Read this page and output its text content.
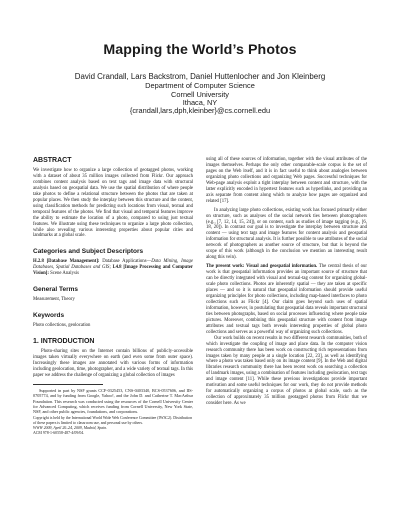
Mapping the World’s Photos
David Crandall, Lars Backstrom, Daniel Huttenlocher and Jon Kleinberg
Department of Computer Science
Cornell University
Ithaca, NY
{crandall,lars,dph,kleinber}@cs.cornell.edu
ABSTRACT

We investigate how to organize a large collection of geotagged photos, working with a dataset of about 35 million images collected from Flickr. Our approach combines content analysis based on text tags and image data with structural analysis based on geospatial data. We use the spatial distribution of where people take photos to define a relational structure between the photos that are taken at popular places. We then study the interplay between this structure and the content, using classification methods for predicting such locations from visual, textual and temporal features of the photos. We find that visual and temporal features improve the ability to estimate the location of a photo, compared to using just textual features. We illustrate using these techniques to organize a large photo collection, while also revealing various interesting properties about popular cities and landmarks at a global scale.

Categories and Subject Descriptors

H.2.8 [Database Management]: Database Applications—Data Mining, Image Databases, Spatial Databases and GIS; I.4.8 [Image Processing and Computer Vision]: Scene Analysis

General Terms

Measurement, Theory

Keywords

Photo collections, geolocation

1. INTRODUCTION

Photo-sharing sites on the Internet contain billions of publicly-accessible images taken virtually everywhere on earth (and even some from outer space). Increasingly these images are annotated with various forms of information including geolocation, time, photographer, and a wide variety of textual tags. In this paper we address the challenge of organizing a global collection of images

Supported in part by NSF grants CCF-0325453, CNS-0403340, BCS-0537606, and IIS-0705774, and by funding from Google, Yahoo!, and the John D. and Catherine T. MacArthur Foundation. This research was conducted using the resources of the Cornell University Center for Advanced Computing, which receives funding from Cornell University, New York State, NSF, and other public agencies, foundations, and corporations.

Copyright is held by the International World Wide Web Conference Committee (IW3C2). Distribution of these papers is limited to classroom use, and personal use by others.
WWW 2009, April 20–24, 2009, Madrid, Spain.
ACM 978-1-60558-487-4/09/04.

using all of these sources of information, together with the visual attributes of the images themselves. Perhaps the only other comparable-scale corpus is the set of pages on the Web itself, and it is in fact useful to think about analogies between organizing photo collections and organizing Web pages. Successful techniques for Web-page analysis exploit a tight interplay between content and structure, with the latter explicitly encoded in hypertext features such as hyperlinks, and providing an axis separate from content along which to analyze how pages are organized and related [17].

In analyzing large photo collections, existing work has focused primarily either on structure, such as analyses of the social network ties between photographers (e.g., [7, 12, 14, 15, 24]), or on content, such as studies of image tagging (e.g., [6, 18, 20]). In contrast our goal is to investigate the interplay between structure and content — using text tags and image features for content analysis and geospatial information for structural analysis. It is further possible to use attributes of the social network of photographers as another source of structure, but that is beyond the scope of this work (although in the conclusion we mention an interesting result along this vein).

The present work: Visual and geospatial information. The central thesis of our work is that geospatial information provides an important source of structure that can be directly integrated with visual and textual-tag content for organizing global-scale photo collections. Photos are inherently spatial — they are taken at specific places — and so it is natural that geospatial information should provide useful organizing principles for photo collections, including map-based interfaces to photo collections such as Flickr [4]. Our claim goes beyond such uses of spatial information, however, in postulating that geospatial data reveals important structural ties between photographs, based on social processes influencing where people take pictures. Moreover, combining this geospatial structure with content from image attributes and textual tags both reveals interesting properties of global photo collections and serves as a powerful way of organizing such collections.

Our work builds on recent results in two different research communities, both of which investigate the coupling of image and place data. In the computer vision research community there has been work on constructing rich representations from images taken by many people at a single location [22, 23], as well as identifying where a photo was taken based only on its image content [9]. In the Web and digital libraries research community there has been recent work on searching a collection of landmark images, using a combination of features including geolocation, text tags and image content [11]. While these previous investigations provide important motivation and some useful techniques for our work, they do not provide methods for automatically organizing a corpus of photos at global scale, such as the collection of approximately 35 million geotagged photos from Flickr that we consider here. As we
